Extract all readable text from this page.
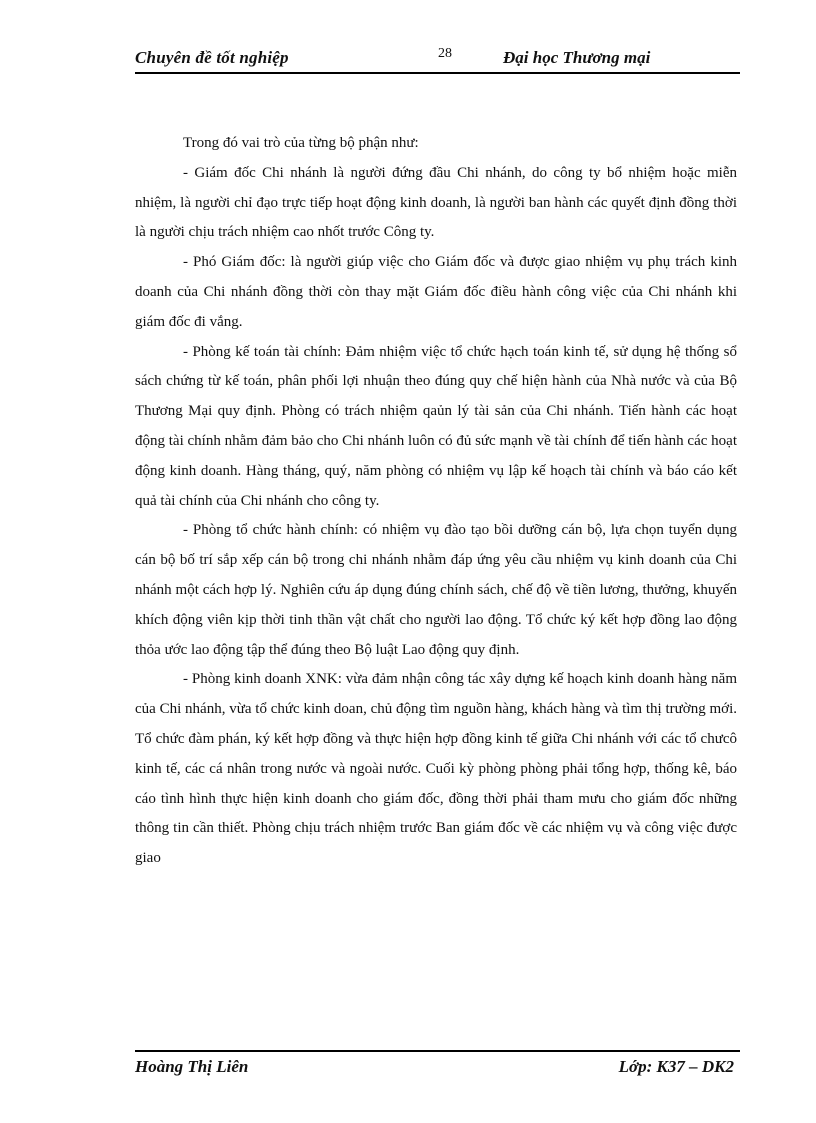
Chuyên đề tốt nghiệp	28	Đại học Thương mại

Trong đó vai trò của từng bộ phận như:

- Giám đốc Chi nhánh là người đứng đầu Chi nhánh, do công ty bổ nhiệm hoặc miễn nhiệm, là người chỉ đạo trực tiếp hoạt động kinh doanh, là người ban hành các quyết định đồng thời là người chịu trách nhiệm cao nhốt trước Công ty.

- Phó Giám đốc: là người giúp việc cho Giám đốc và được giao nhiệm vụ phụ trách kinh doanh của Chi nhánh đồng thời còn thay mặt Giám đốc điều hành công việc của Chi nhánh khi giám đốc đi vắng.

- Phòng kế toán tài chính: Đảm nhiệm việc tổ chức hạch toán kinh tế, sử dụng hệ thống sổ sách chứng từ kế toán, phân phối lợi nhuận theo đúng quy chế hiện hành của Nhà nước và của Bộ Thương Mại quy định. Phòng có trách nhiệm qaủn lý tài sản của Chi nhánh. Tiến hành các hoạt động tài chính nhằm đảm bảo cho Chi nhánh luôn có đủ sức mạnh về tài chính để tiến hành các hoạt động kinh doanh. Hàng tháng, quý, năm phòng có nhiệm vụ lập kế hoạch tài chính và báo cáo kết quả tài chính của Chi nhánh cho công ty.

- Phòng tổ chức hành chính: có nhiệm vụ đào tạo bồi dưỡng cán bộ, lựa chọn tuyển dụng cán bộ bố trí sắp xếp cán bộ trong chi nhánh nhằm đáp ứng yêu cầu nhiệm vụ kinh doanh của Chi nhánh một cách hợp lý. Nghiên cứu áp dụng đúng chính sách, chế độ về tiền lương, thưởng, khuyến khích động viên kịp thời tinh thần vật chất cho người lao động. Tổ chức ký kết hợp đồng lao động thỏa ước lao động tập thể đúng theo Bộ luật Lao động quy định.

- Phòng kinh doanh XNK: vừa đảm nhận công tác xây dựng kế hoạch kinh doanh hàng năm của Chi nhánh, vừa tổ chức kinh doan, chủ động tìm nguồn hàng, khách hàng và tìm thị trường mới. Tổ chức đàm phán, ký kết hợp đồng và thực hiện hợp đồng kinh tế giữa Chi nhánh với các tổ chưcô kinh tế, các cá nhân trong nước và ngoài nước. Cuối kỳ phòng phòng phải tổng hợp, thống kê, báo cáo tình hình thực hiện kinh doanh cho giám đốc, đồng thời phải tham mưu cho giám đốc những thông tin cần thiết. Phòng chịu trách nhiệm trước Ban giám đốc về các nhiệm vụ và công việc được giao

Hoàng Thị Liên	Lớp: K37 – DK2
